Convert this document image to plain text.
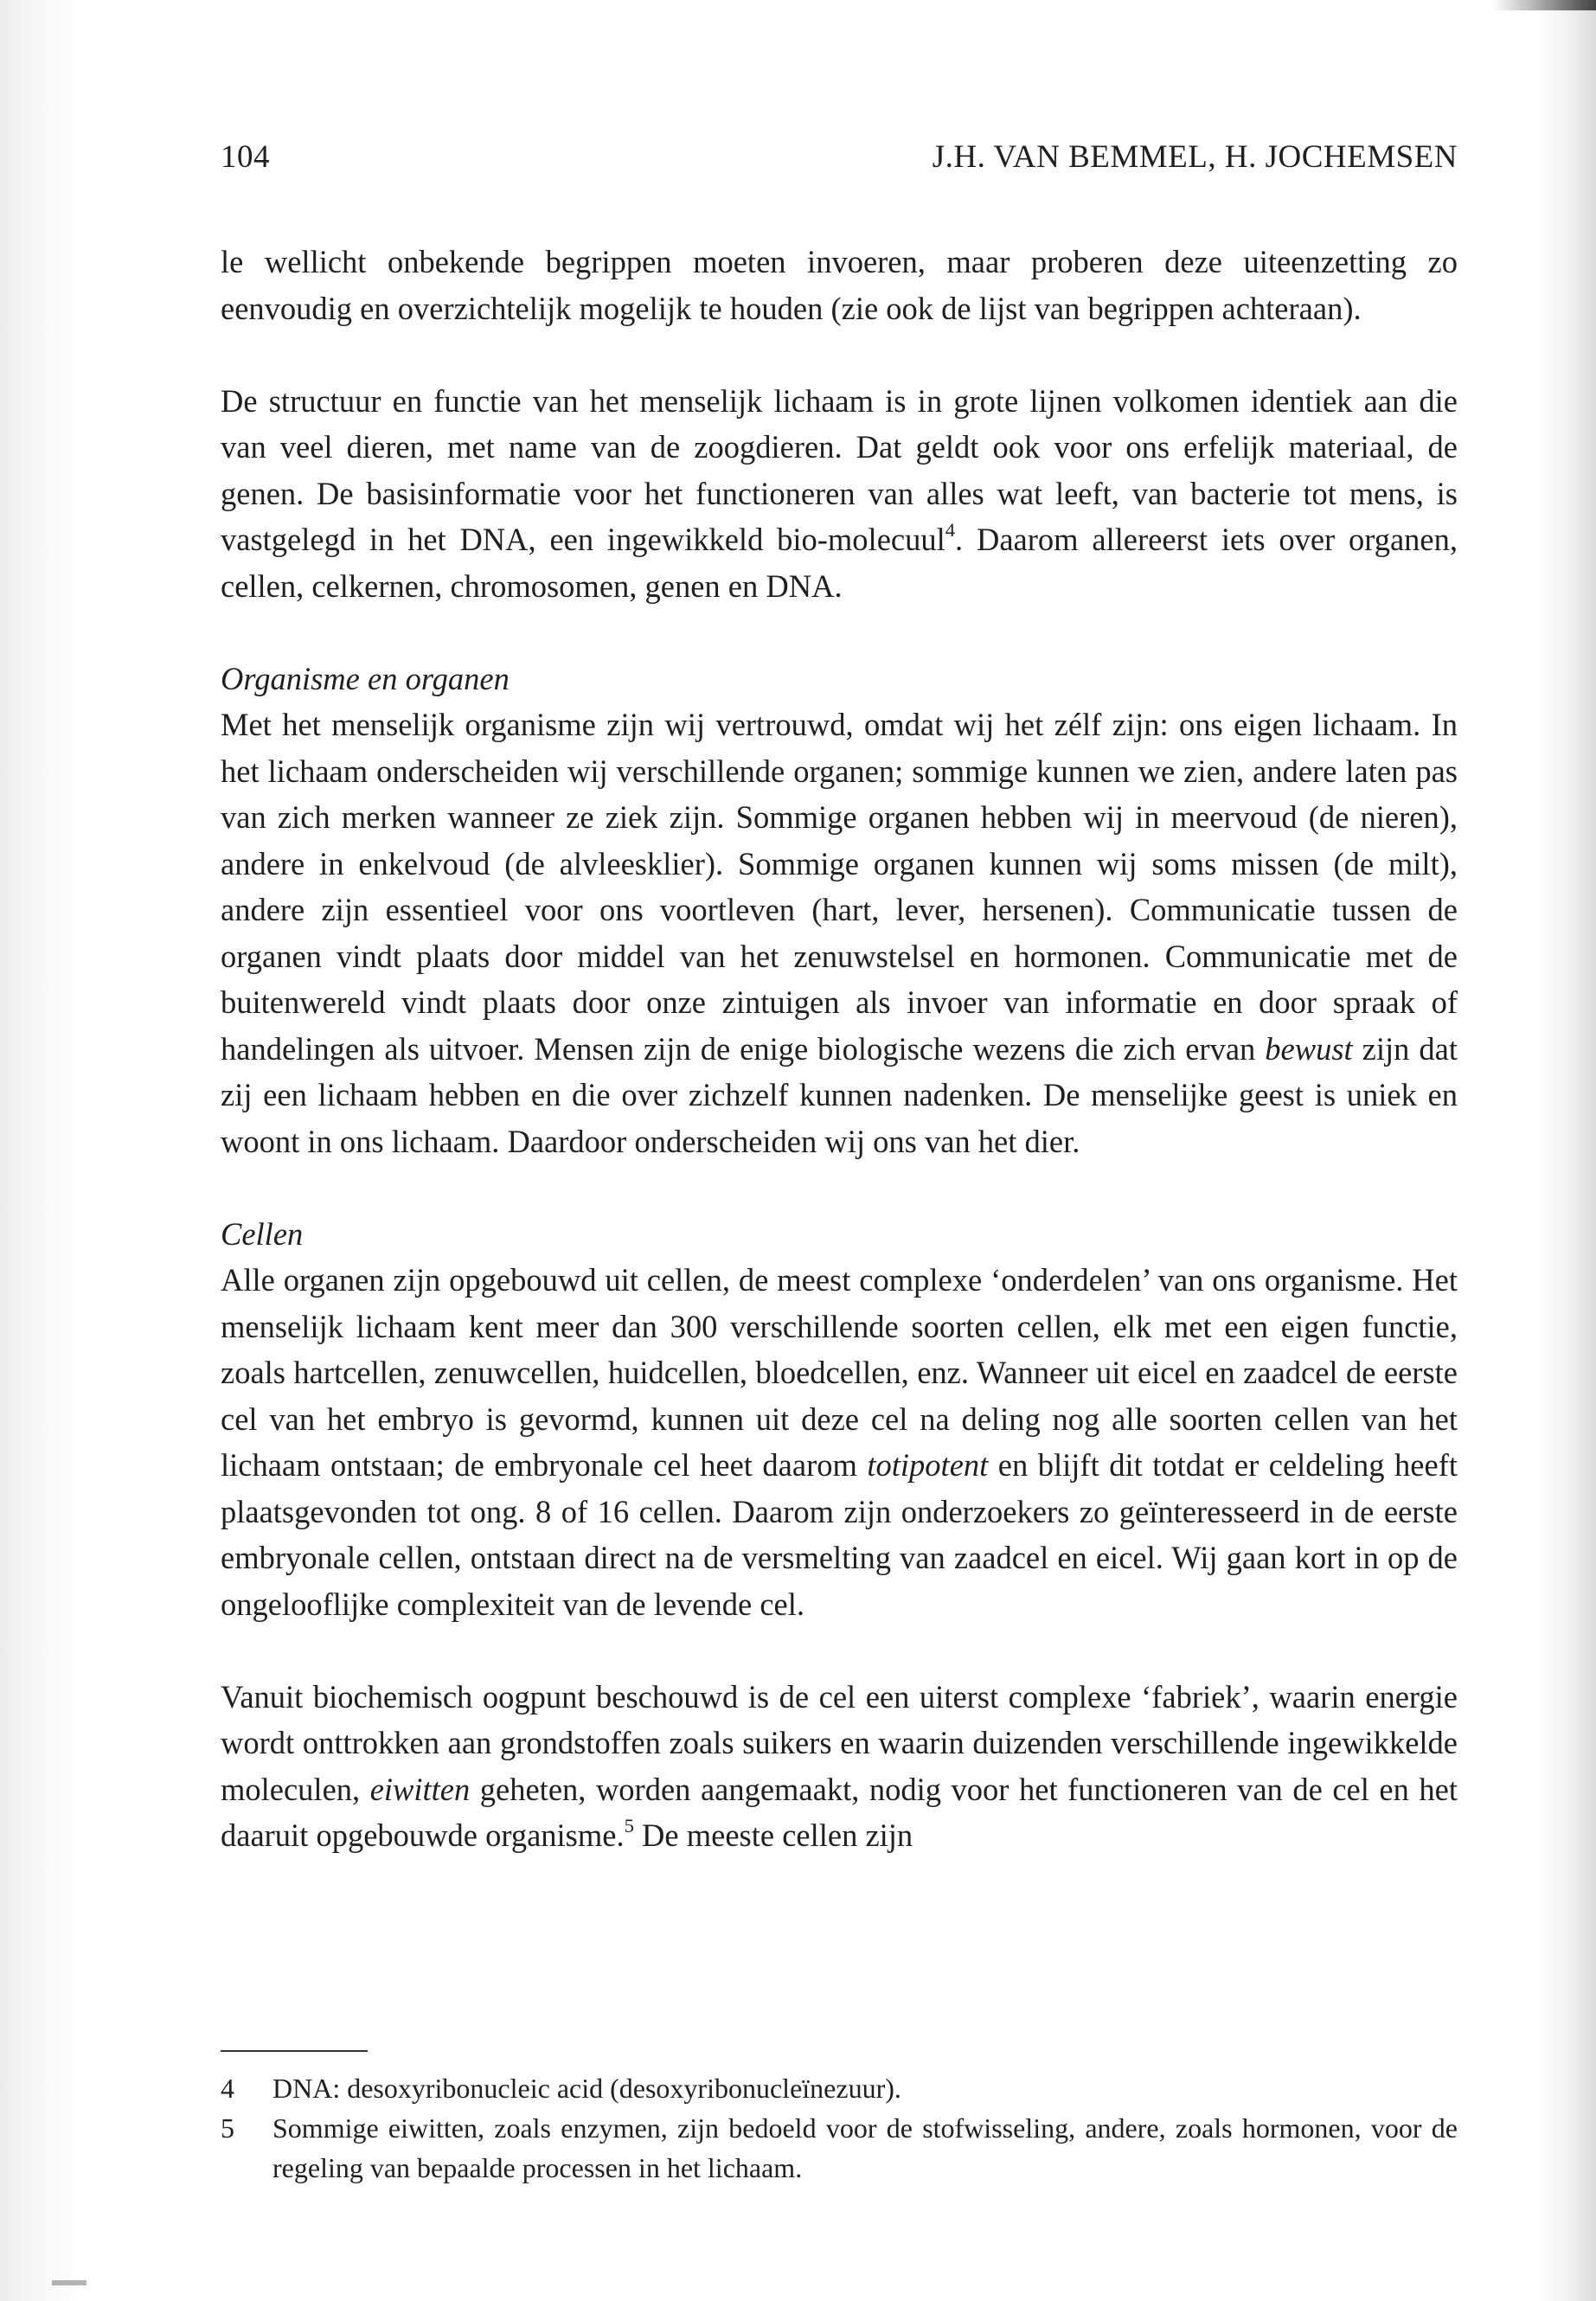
104	J.H. VAN BEMMEL, H. JOCHEMSEN

le wellicht onbekende begrippen moeten invoeren, maar proberen deze uiteenzetting zo eenvoudig en overzichtelijk mogelijk te houden (zie ook de lijst van begrippen achteraan).

De structuur en functie van het menselijk lichaam is in grote lijnen volkomen identiek aan die van veel dieren, met name van de zoogdieren. Dat geldt ook voor ons erfelijk materiaal, de genen. De basisinformatie voor het functioneren van alles wat leeft, van bacterie tot mens, is vastgelegd in het DNA, een ingewikkeld bio-molecuul$^4$. Daarom allereerst iets over organen, cellen, celkernen, chromosomen, genen en DNA.

Organisme en organen

Met het menselijk organisme zijn wij vertrouwd, omdat wij het zélf zijn: ons eigen lichaam. In het lichaam onderscheiden wij verschillende organen; sommige kunnen we zien, andere laten pas van zich merken wanneer ze ziek zijn. Sommige organen hebben wij in meervoud (de nieren), andere in enkelvoud (de alvleesklier). Sommige organen kunnen wij soms missen (de milt), andere zijn essentieel voor ons voortleven (hart, lever, hersenen). Communicatie tussen de organen vindt plaats door middel van het zenuwstelsel en hormonen. Communicatie met de buitenwereld vindt plaats door onze zintuigen als invoer van informatie en door spraak of handelingen als uitvoer. Mensen zijn de enige biologische wezens die zich ervan bewust zijn dat zij een lichaam hebben en die over zichzelf kunnen nadenken. De menselijke geest is uniek en woont in ons lichaam. Daardoor onderscheiden wij ons van het dier.

Cellen

Alle organen zijn opgebouwd uit cellen, de meest complexe ‘onderdelen’ van ons organisme. Het menselijk lichaam kent meer dan 300 verschillende soorten cellen, elk met een eigen functie, zoals hartcellen, zenuwcellen, huidcellen, bloedcellen, enz. Wanneer uit eicel en zaadcel de eerste cel van het embryo is gevormd, kunnen uit deze cel na deling nog alle soorten cellen van het lichaam ontstaan; de embryonale cel heet daarom totipotent en blijft dit totdat er celdeling heeft plaatsgevonden tot ong. 8 of 16 cellen. Daarom zijn onderzoekers zo geïnteresseerd in de eerste embryonale cellen, ontstaan direct na de versmelting van zaadcel en eicel. Wij gaan kort in op de ongelooflijke complexiteit van de levende cel.

Vanuit biochemisch oogpunt beschouwd is de cel een uiterst complexe ‘fabriek’, waarin energie wordt onttrokken aan grondstoffen zoals suikers en waarin duizenden verschillende ingewikkelde moleculen, eiwitten geheten, worden aangemaakt, nodig voor het functioneren van de cel en het daaruit opgebouwde organisme.$^5$ De meeste cellen zijn

4 DNA: desoxyribonucleic acid (desoxyribonucleïnezuur).
5 Sommige eiwitten, zoals enzymen, zijn bedoeld voor de stofwisseling, andere, zoals hormonen, voor de regeling van bepaalde processen in het lichaam.
